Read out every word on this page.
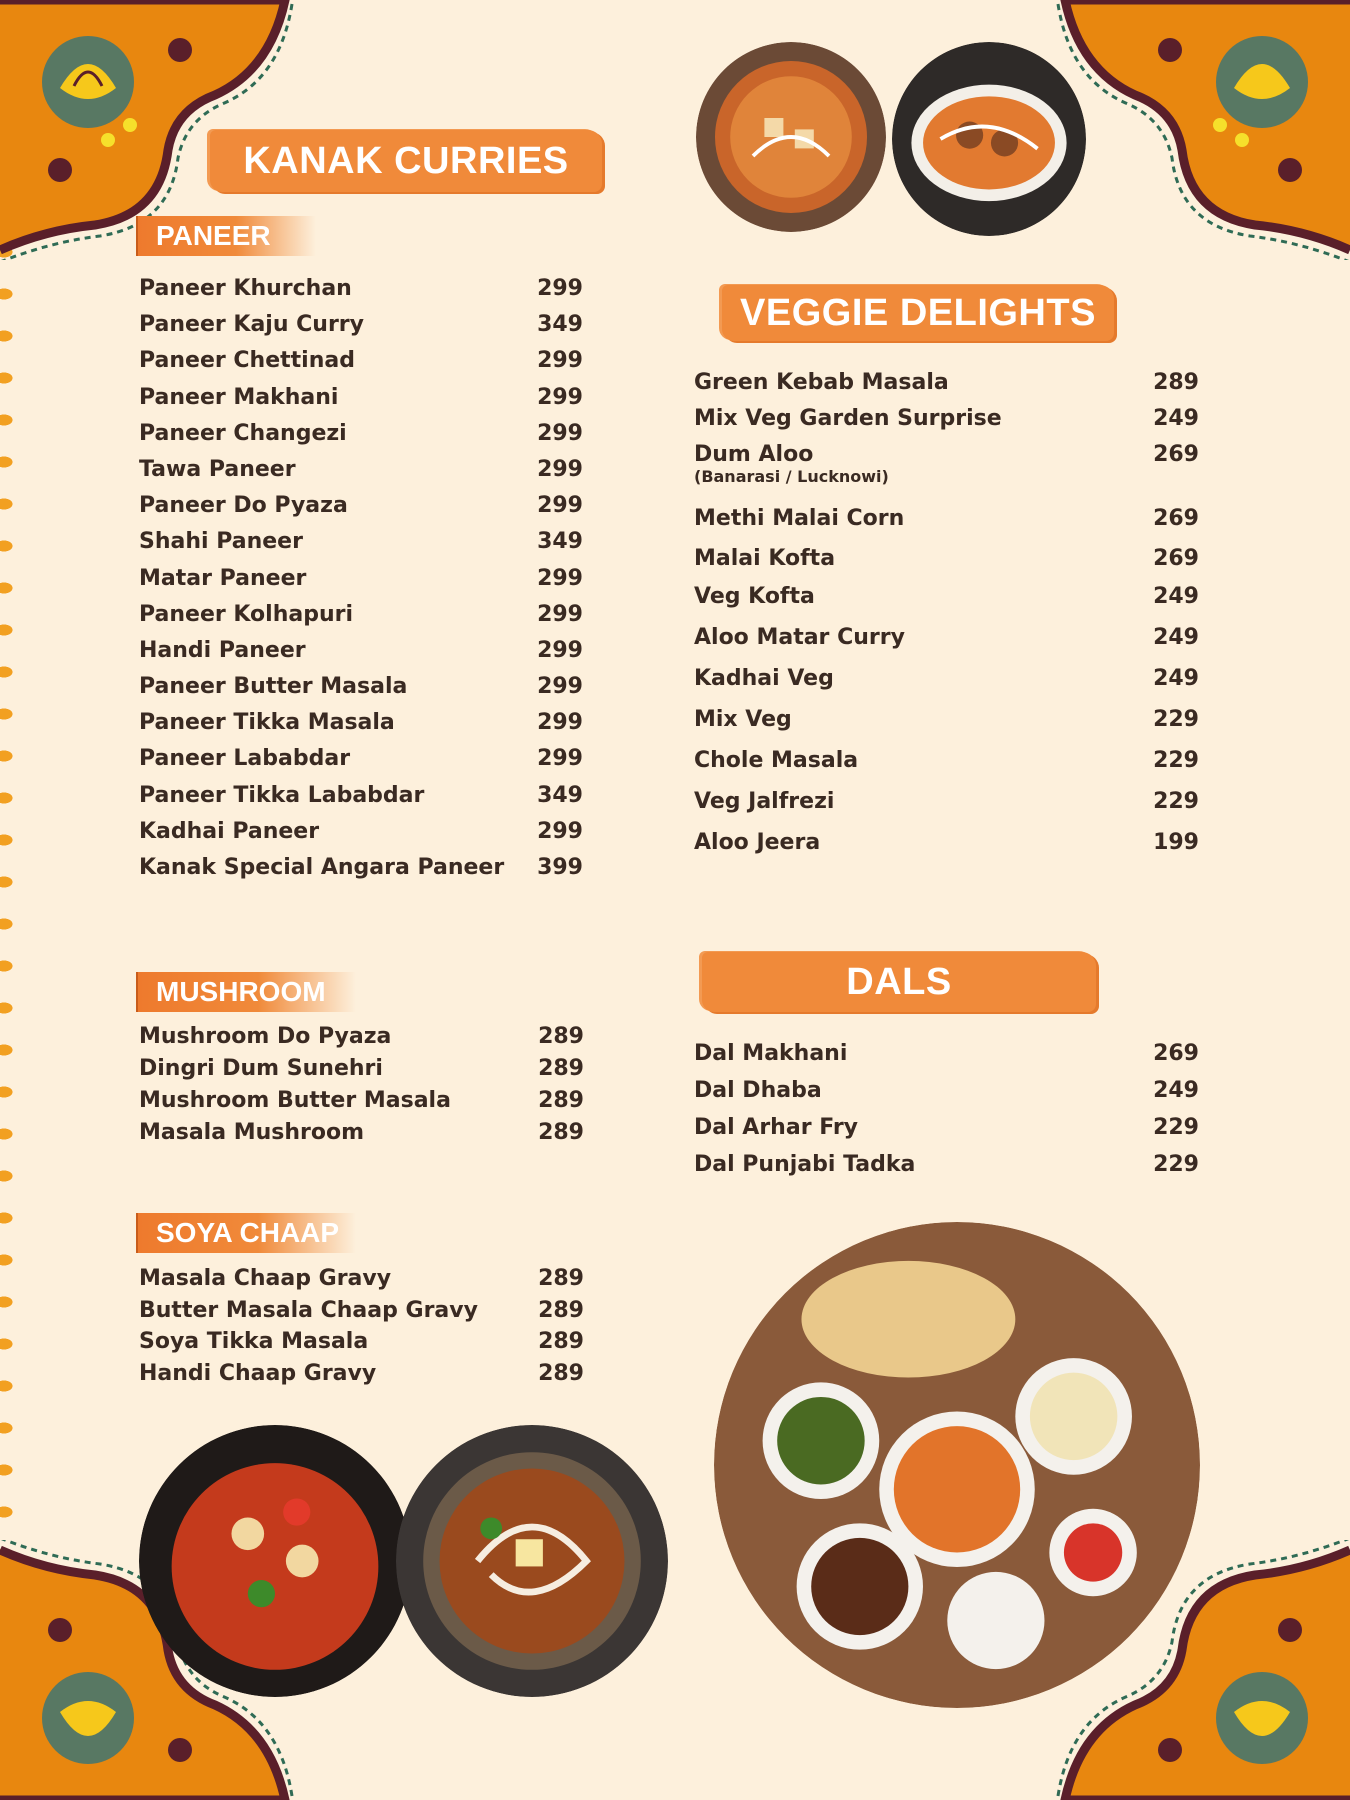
KANAK CURRIES
VEGGIE DELIGHTS
DALS
PANEER
MUSHROOM
SOYA CHAAP
Paneer Khurchan	299
Paneer Kaju Curry	349
Paneer Chettinad	299
Paneer Makhani	299
Paneer Changezi	299
Tawa Paneer	299
Paneer Do Pyaza	299
Shahi Paneer	349
Matar Paneer	299
Paneer Kolhapuri	299
Handi Paneer	299
Paneer Butter Masala	299
Paneer Tikka Masala	299
Paneer Lababdar	299
Paneer Tikka Lababdar	349
Kadhai Paneer	299
Kanak Special Angara Paneer 399
Mushroom Do Pyaza	289
Dingri Dum Sunehri	289
Mushroom Butter Masala	289
Masala Mushroom	289
Masala Chaap Gravy	289
Butter Masala Chaap Gravy	289
Soya Tikka Masala	289
Handi Chaap Gravy	289
Green Kebab Masala	289
Mix Veg Garden Surprise	249
Dum Aloo	269
(Banarasi / Lucknowi)
Methi Malai Corn	269
Malai Kofta	269
Veg Kofta	249
Aloo Matar Curry	249
Kadhai Veg	249
Mix Veg	229
Chole Masala	229
Veg Jalfrezi	229
Aloo Jeera	199
Dal Makhani	269
Dal Dhaba	249
Dal Arhar Fry	229
Dal Punjabi Tadka	229
